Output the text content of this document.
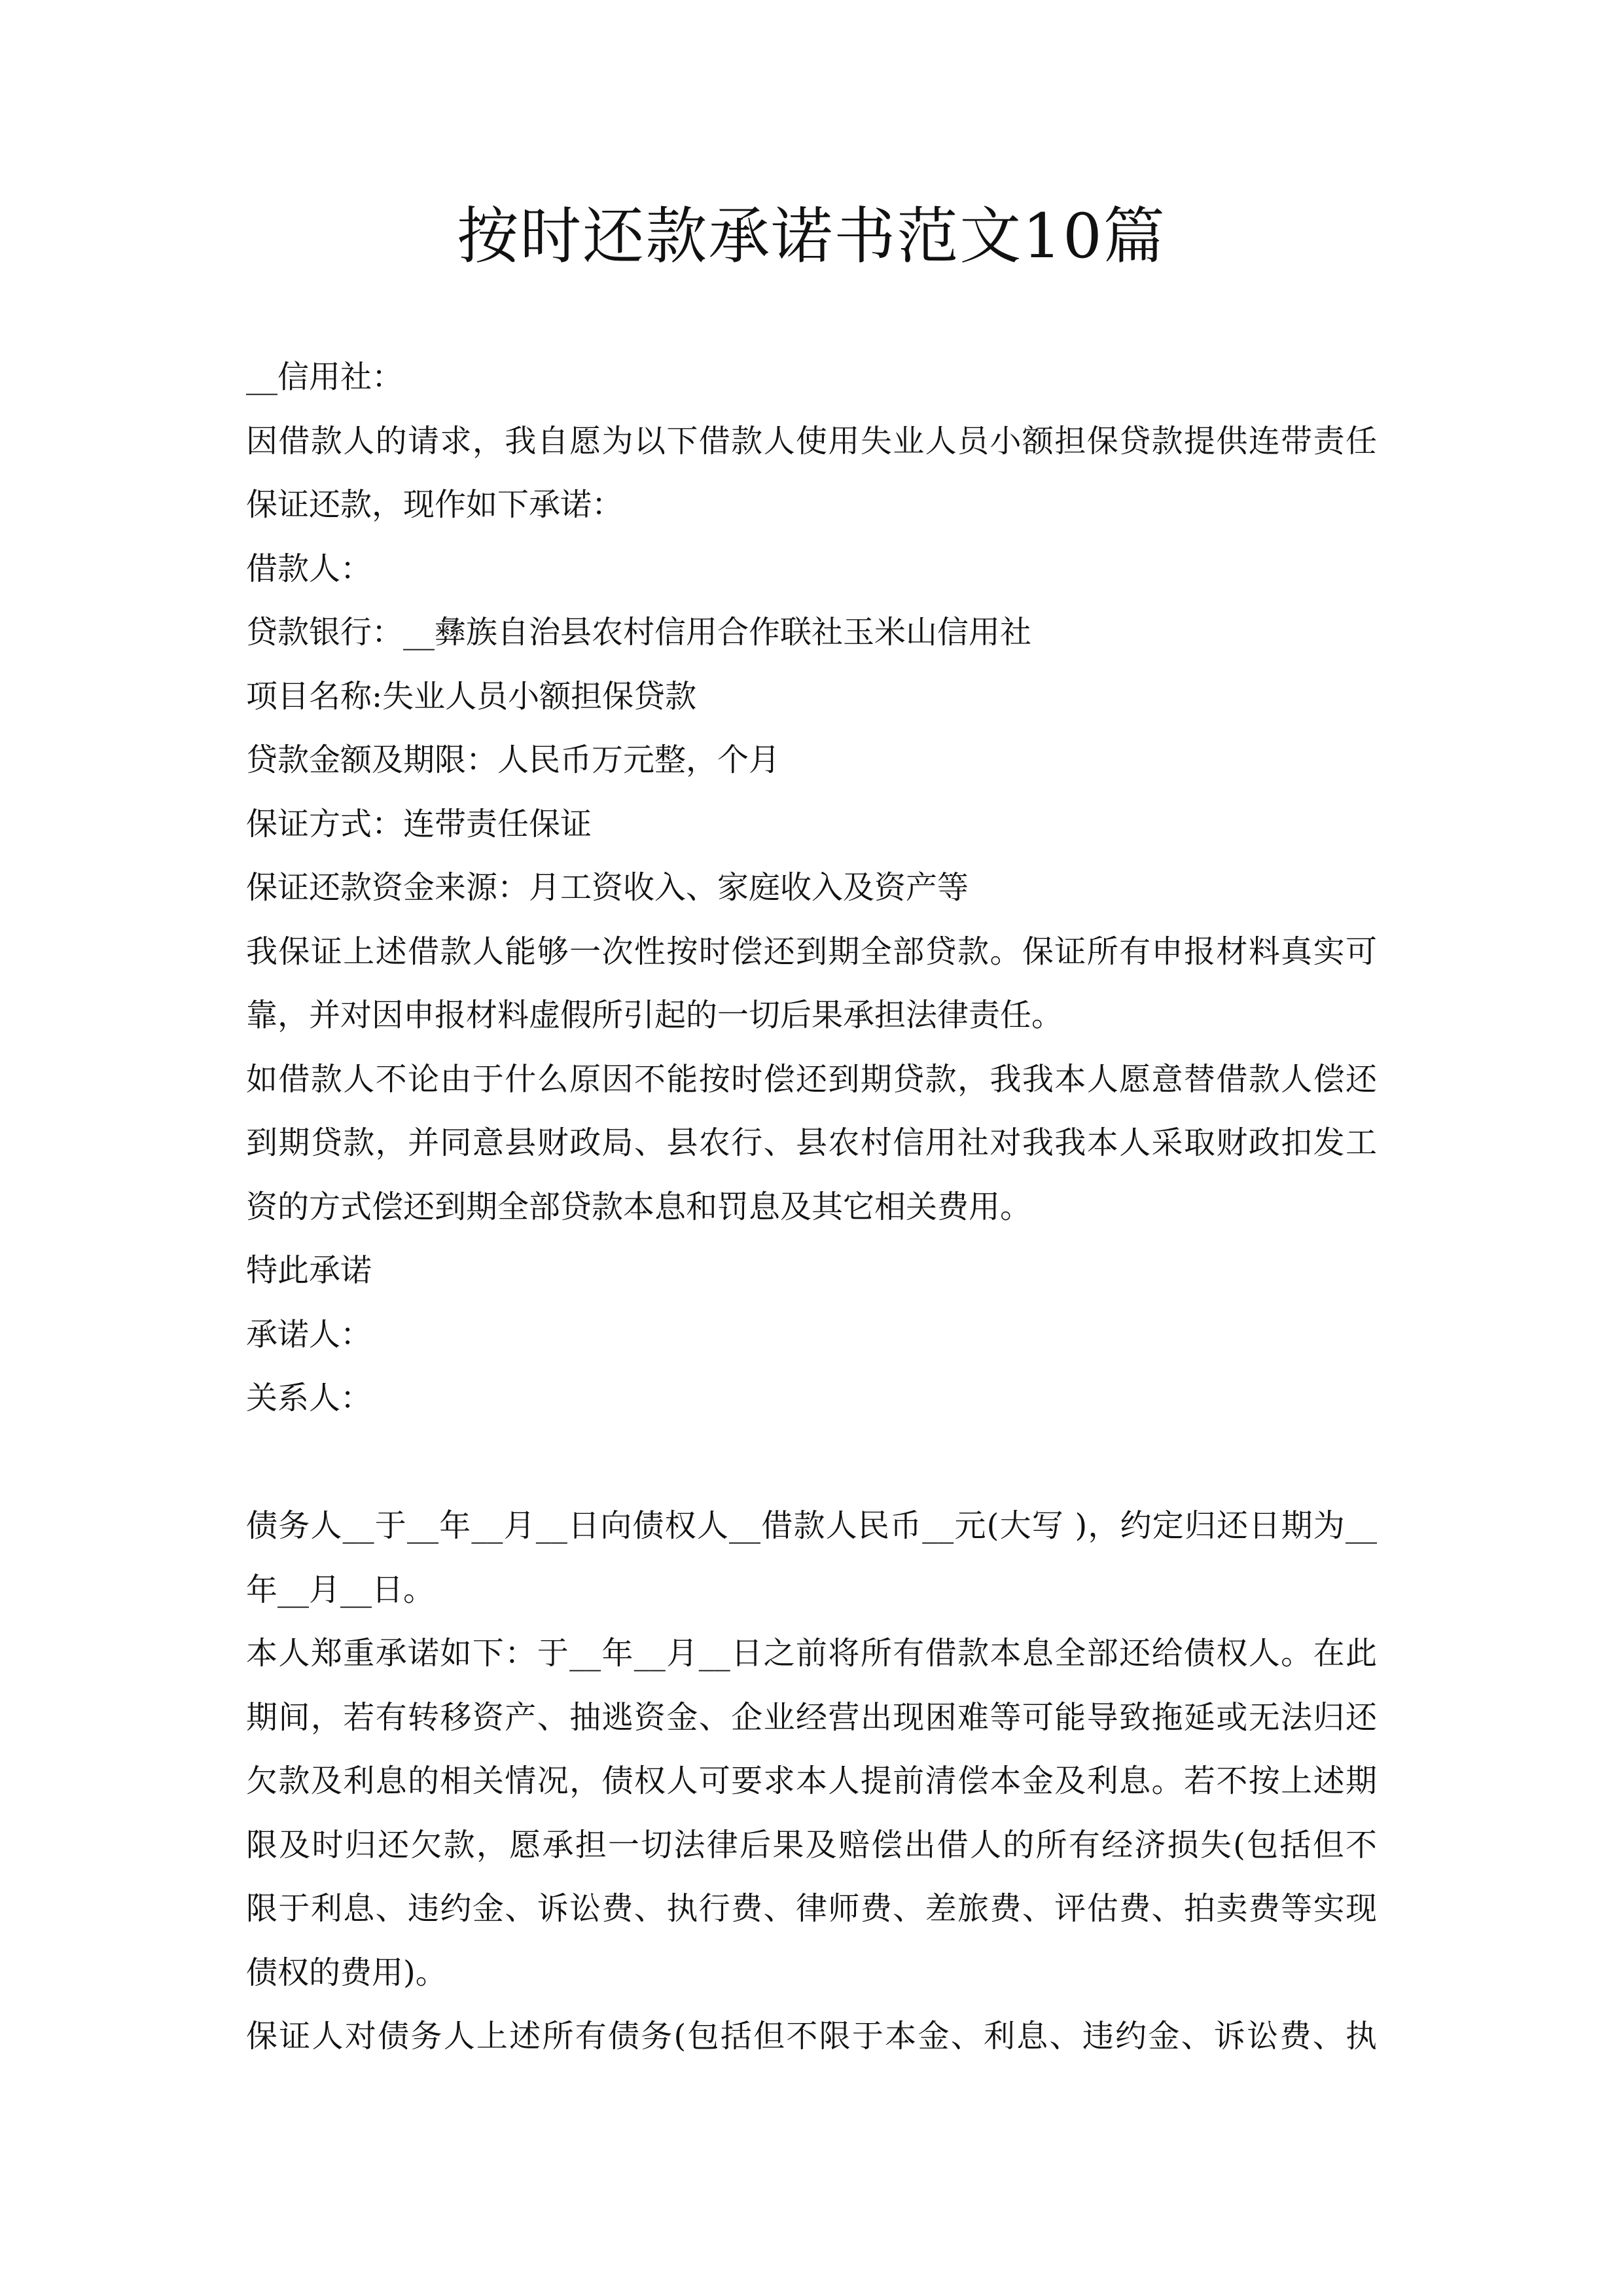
按时还款承诺书范文10篇
__信用社：
因借款人的请求，我自愿为以下借款人使用失业人员小额担保贷款提供连带责任
保证还款，现作如下承诺：
借款人：
贷款银行：__彝族自治县农村信用合作联社玉米山信用社
项目名称:失业人员小额担保贷款
贷款金额及期限：人民币万元整，个月
保证方式：连带责任保证
保证还款资金来源：月工资收入、家庭收入及资产等
我保证上述借款人能够一次性按时偿还到期全部贷款。保证所有申报材料真实可
靠，并对因申报材料虚假所引起的一切后果承担法律责任。
如借款人不论由于什么原因不能按时偿还到期贷款，我我本人愿意替借款人偿还
到期贷款，并同意县财政局、县农行、县农村信用社对我我本人采取财政扣发工
资的方式偿还到期全部贷款本息和罚息及其它相关费用。
特此承诺
承诺人：
关系人：
债务人__于__年__月__日向债权人__借款人民币__元(大写 )，约定归还日期为__
年__月__日。
本人郑重承诺如下：于__年__月__日之前将所有借款本息全部还给债权人。在此
期间，若有转移资产、抽逃资金、企业经营出现困难等可能导致拖延或无法归还
欠款及利息的相关情况，债权人可要求本人提前清偿本金及利息。若不按上述期
限及时归还欠款，愿承担一切法律后果及赔偿出借人的所有经济损失(包括但不
限于利息、违约金、诉讼费、执行费、律师费、差旅费、评估费、拍卖费等实现
债权的费用)。
保证人对债务人上述所有债务(包括但不限于本金、利息、违约金、诉讼费、执
